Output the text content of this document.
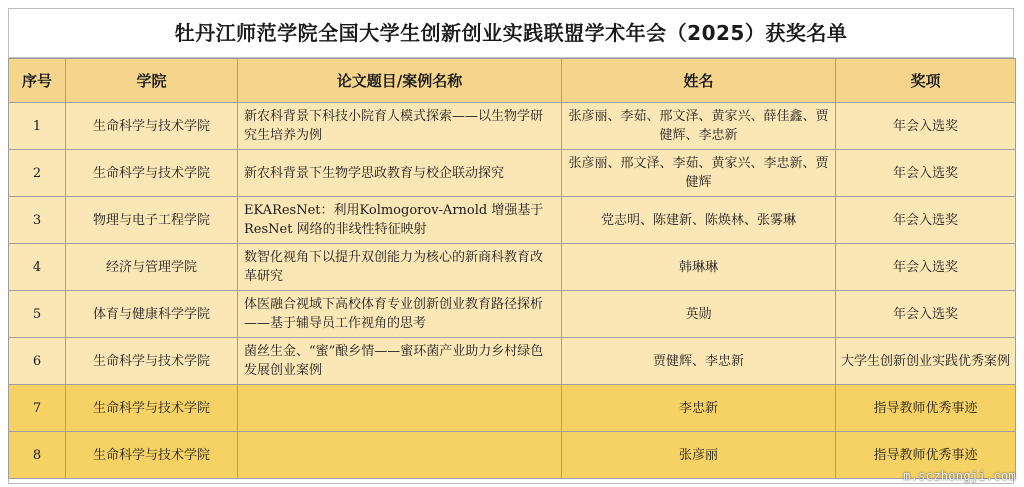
牡丹江师范学院全国大学生创新创业实践联盟学术年会（2025）获奖名单
序号	学院	论文题目/案例名称	姓名	奖项
1	生命科学与技术学院	新农科背景下科技小院育人模式探索——以生物学研究生培养为例	张彦丽、李茹、邢文泽、黄家兴、薛佳鑫、贾健辉、李忠新	年会入选奖
2	生命科学与技术学院	新农科背景下生物学思政教育与校企联动探究	张彦丽、邢文泽、李茹、黄家兴、李忠新、贾健辉	年会入选奖
3	物理与电子工程学院	EKAResNet：利用Kolmogorov-Arnold 增强基于ResNet 网络的非线性特征映射	党志明、陈建新、陈焕林、张雾琳	年会入选奖
4	经济与管理学院	数智化视角下以提升双创能力为核心的新商科教育改革研究	韩琳琳	年会入选奖
5	体育与健康科学学院	体医融合视域下高校体育专业创新创业教育路径探析——基于辅导员工作视角的思考	英勋	年会入选奖
6	生命科学与技术学院	菌丝生金、“蜜”酿乡情——蜜环菌产业助力乡村绿色发展创业案例	贾健辉、李忠新	大学生创新创业实践优秀案例
7	生命科学与技术学院		李忠新	指导教师优秀事迹
8	生命科学与技术学院		张彦丽	指导教师优秀事迹
m.sczhongji.com
